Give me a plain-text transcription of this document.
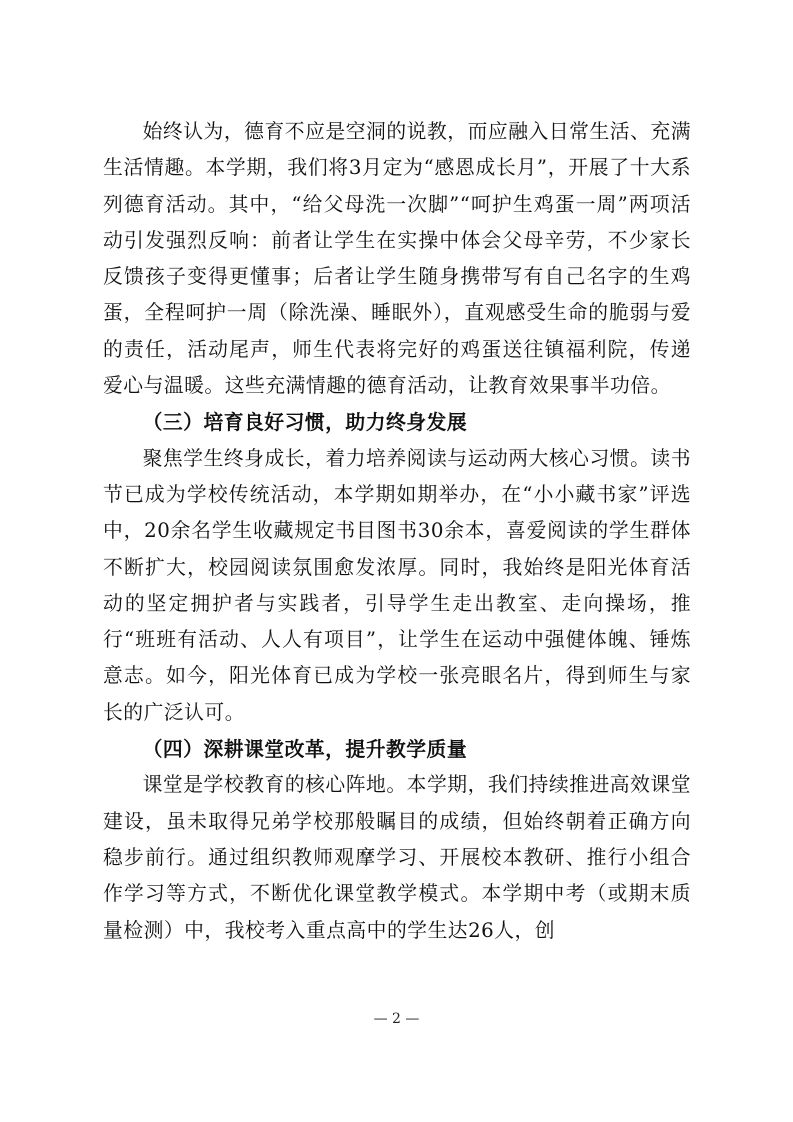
始终认为，德育不应是空洞的说教，而应融入日常生活、充满生活情趣。本学期，我们将3月定为“感恩成长月”，开展了十大系列德育活动。其中，“给父母洗一次脚”“呵护生鸡蛋一周”两项活动引发强烈反响：前者让学生在实操中体会父母辛劳，不少家长反馈孩子变得更懂事；后者让学生随身携带写有自己名字的生鸡蛋，全程呵护一周（除洗澡、睡眠外），直观感受生命的脆弱与爱的责任，活动尾声，师生代表将完好的鸡蛋送往镇福利院，传递爱心与温暖。这些充满情趣的德育活动，让教育效果事半功倍。

（三）培育良好习惯，助力终身发展

聚焦学生终身成长，着力培养阅读与运动两大核心习惯。读书节已成为学校传统活动，本学期如期举办，在“小小藏书家”评选中，20余名学生收藏规定书目图书30余本，喜爱阅读的学生群体不断扩大，校园阅读氛围愈发浓厚。同时，我始终是阳光体育活动的坚定拥护者与实践者，引导学生走出教室、走向操场，推行“班班有活动、人人有项目”，让学生在运动中强健体魄、锤炼意志。如今，阳光体育已成为学校一张亮眼名片，得到师生与家长的广泛认可。

（四）深耕课堂改革，提升教学质量

课堂是学校教育的核心阵地。本学期，我们持续推进高效课堂建设，虽未取得兄弟学校那般瞩目的成绩，但始终朝着正确方向稳步前行。通过组织教师观摩学习、开展校本教研、推行小组合作学习等方式，不断优化课堂教学模式。本学期中考（或期末质量检测）中，我校考入重点高中的学生达26人，创

— 2 —
